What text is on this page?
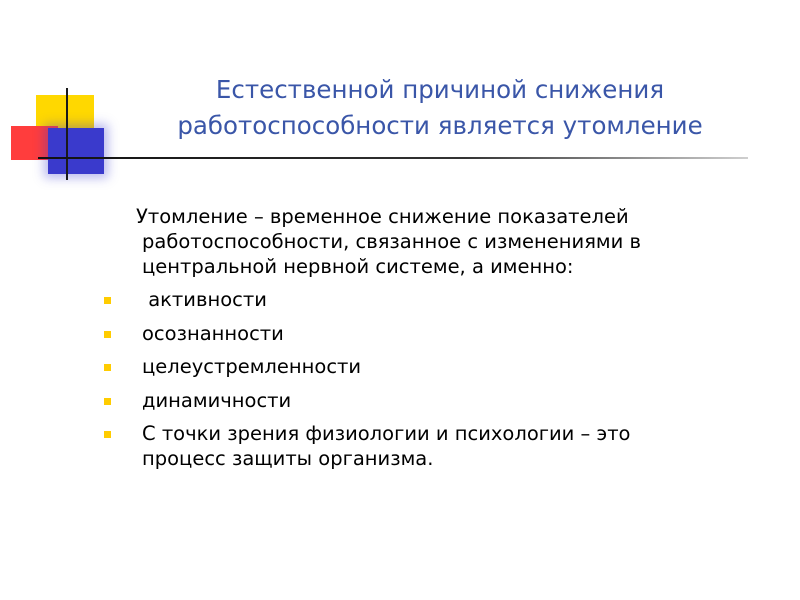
Естественной причиной снижения
работоспособности является утомление
Утомление – временное снижение показателей
работоспособности, связанное с изменениями в
центральной нервной системе, а именно:
активности
осознанности
целеустремленности
динамичности
С точки зрения физиологии и психологии – это
процесс защиты организма.
